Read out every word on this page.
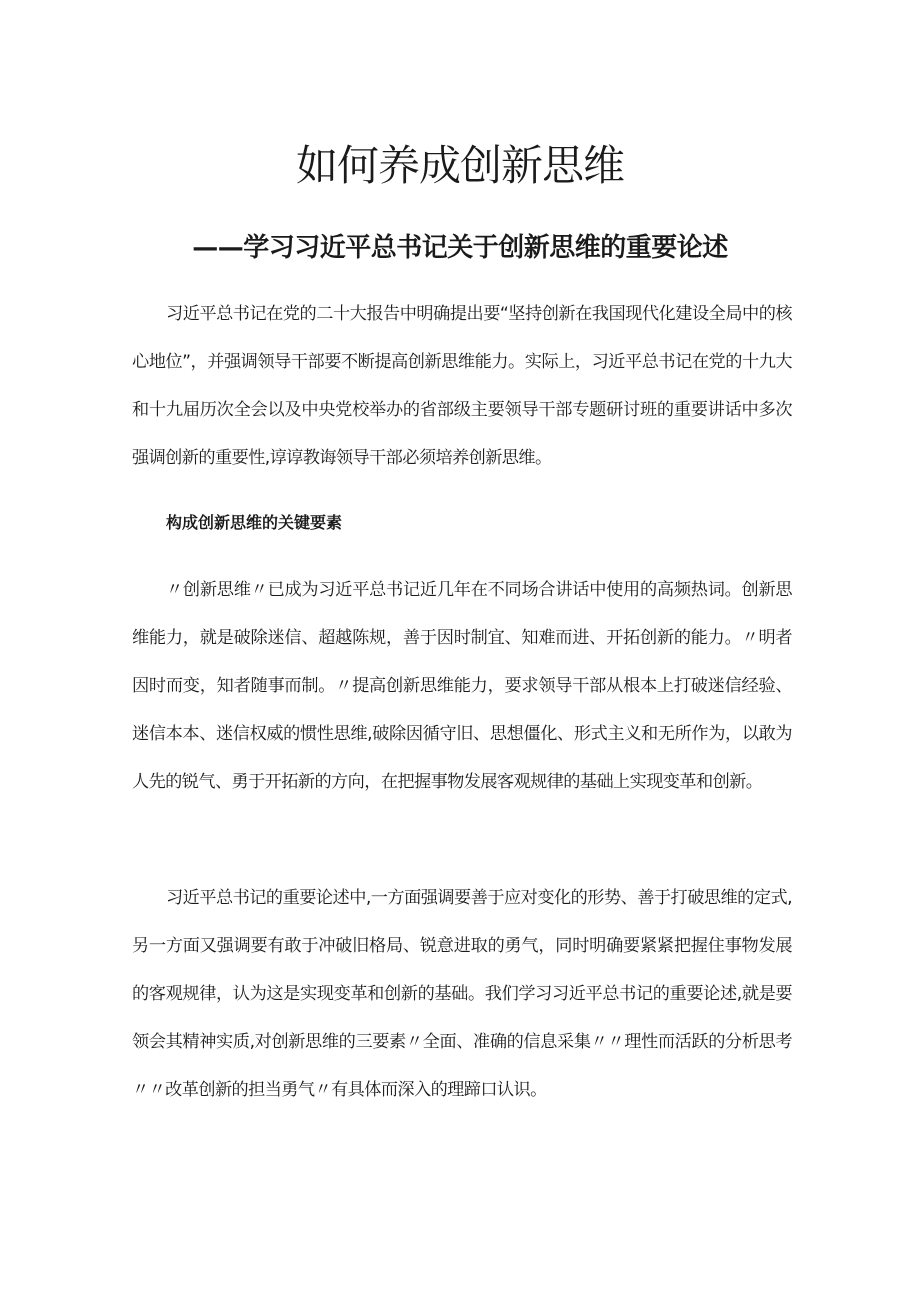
如何养成创新思维
——学习习近平总书记关于创新思维的重要论述

习近平总书记在党的二十大报告中明确提出要“坚持创新在我国现代化建设全局中的核心地位”，并强调领导干部要不断提高创新思维能力。实际上，习近平总书记在党的十九大和十九届历次全会以及中央党校举办的省部级主要领导干部专题研讨班的重要讲话中多次强调创新的重要性,谆谆教诲领导干部必须培养创新思维。

构成创新思维的关键要素

〃创新思维〃已成为习近平总书记近几年在不同场合讲话中使用的高频热词。创新思维能力，就是破除迷信、超越陈规，善于因时制宜、知难而进、开拓创新的能力。〃明者因时而变，知者随事而制。〃提高创新思维能力，要求领导干部从根本上打破迷信经验、迷信本本、迷信权威的惯性思维,破除因循守旧、思想僵化、形式主义和无所作为，以敢为人先的锐气、勇于开拓新的方向，在把握事物发展客观规律的基础上实现变革和创新。

习近平总书记的重要论述中,一方面强调要善于应对变化的形势、善于打破思维的定式,另一方面又强调要有敢于冲破旧格局、锐意进取的勇气，同时明确要紧紧把握住事物发展的客观规律，认为这是实现变革和创新的基础。我们学习习近平总书记的重要论述,就是要领会其精神实质,对创新思维的三要素〃全面、准确的信息采集〃〃理性而活跃的分析思考〃〃改革创新的担当勇气〃有具体而深入的理蹄口认识。
